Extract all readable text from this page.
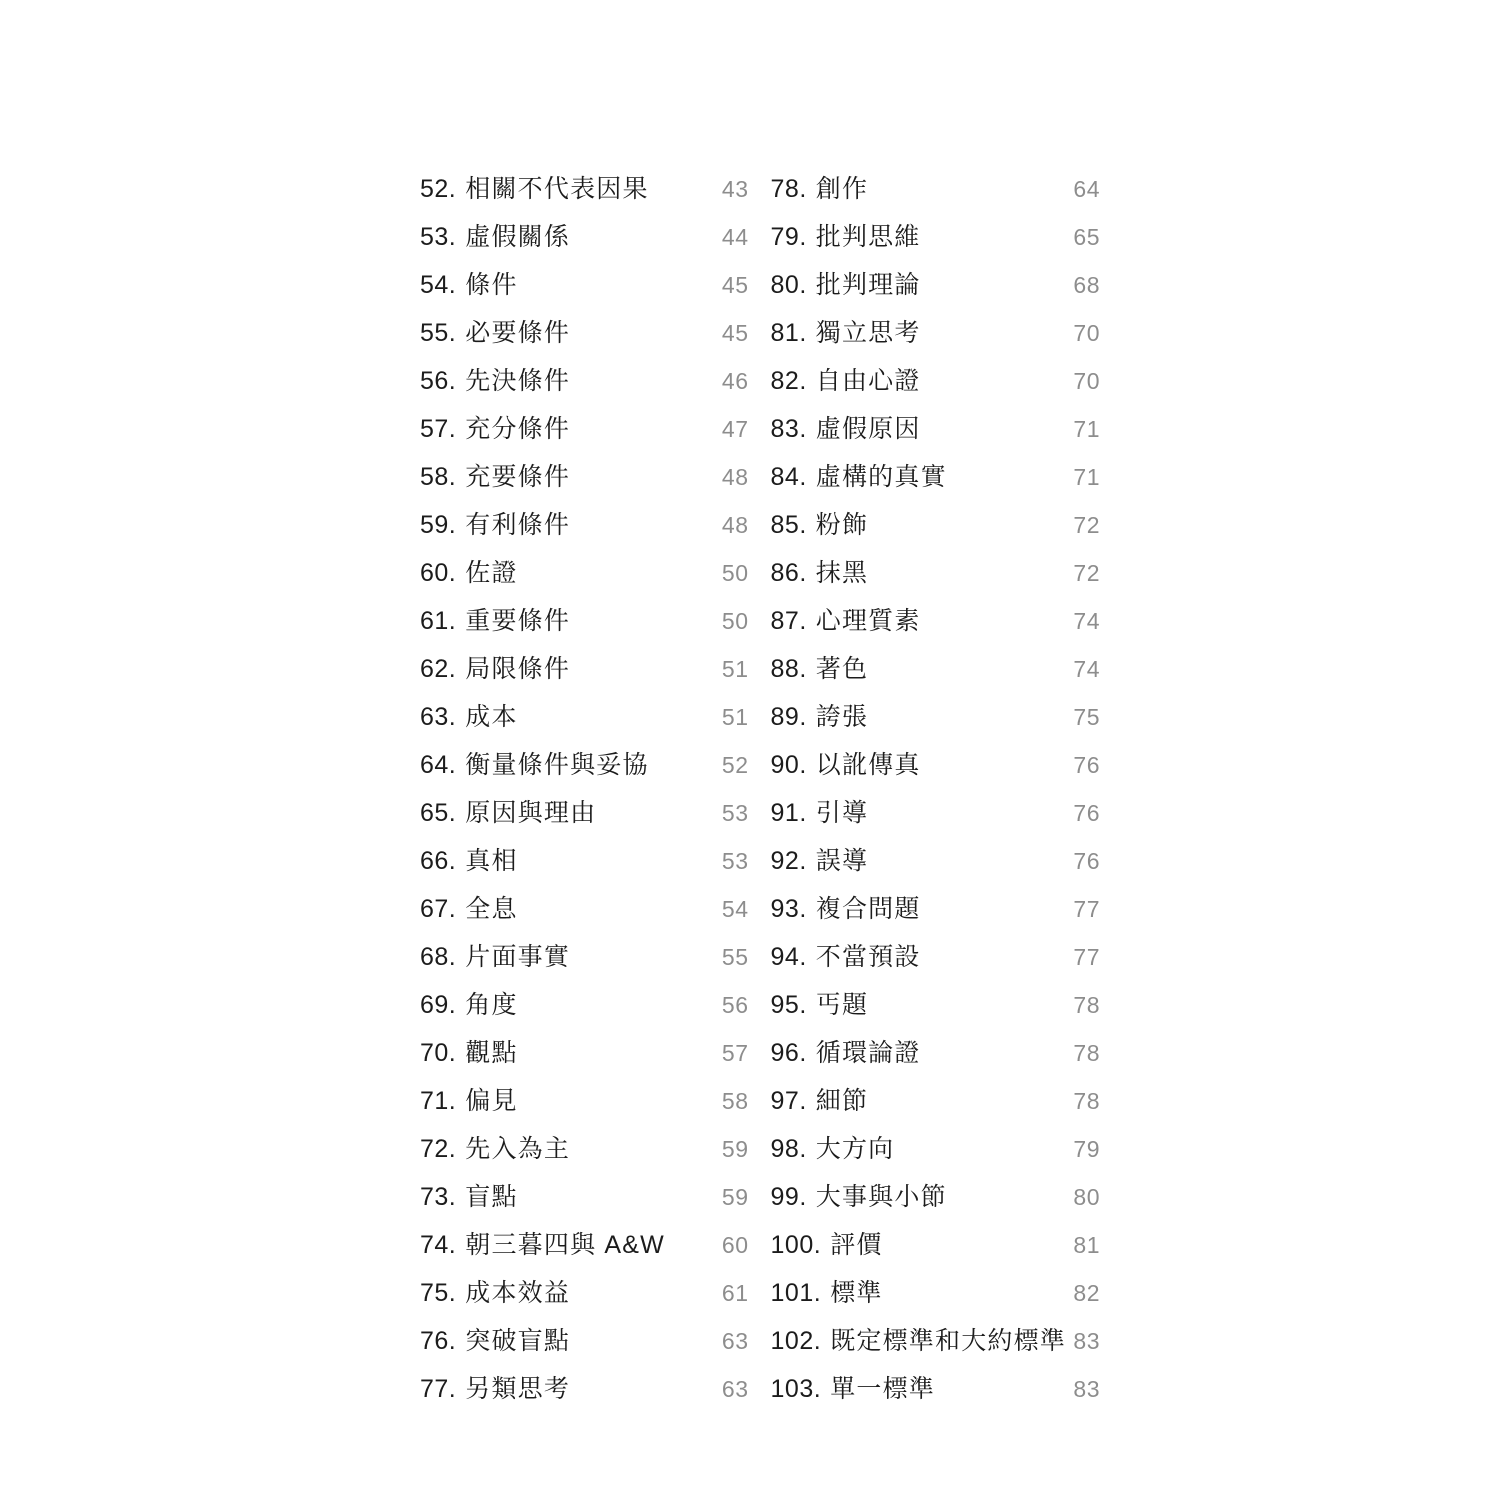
52. 相關不代表因果	43
53. 虛假關係	44
54. 條件	45
55. 必要條件	45
56. 先決條件	46
57. 充分條件	47
58. 充要條件	48
59. 有利條件	48
60. 佐證	50
61. 重要條件	50
62. 局限條件	51
63. 成本	51
64. 衡量條件與妥協	52
65. 原因與理由	53
66. 真相	53
67. 全息	54
68. 片面事實	55
69. 角度	56
70. 觀點	57
71. 偏見	58
72. 先入為主	59
73. 盲點	59
74. 朝三暮四與 A&W	60
75. 成本效益	61
76. 突破盲點	63
77. 另類思考	63
78. 創作	64
79. 批判思維	65
80. 批判理論	68
81. 獨立思考	70
82. 自由心證	70
83. 虛假原因	71
84. 虛構的真實	71
85. 粉飾	72
86. 抹黑	72
87. 心理質素	74
88. 著色	74
89. 誇張	75
90. 以訛傳真	76
91. 引導	76
92. 誤導	76
93. 複合問題	77
94. 不當預設	77
95. 丐題	78
96. 循環論證	78
97. 細節	78
98. 大方向	79
99. 大事與小節	80
100. 評價	81
101. 標準	82
102. 既定標準和大約標準 83
103. 單一標準	83
